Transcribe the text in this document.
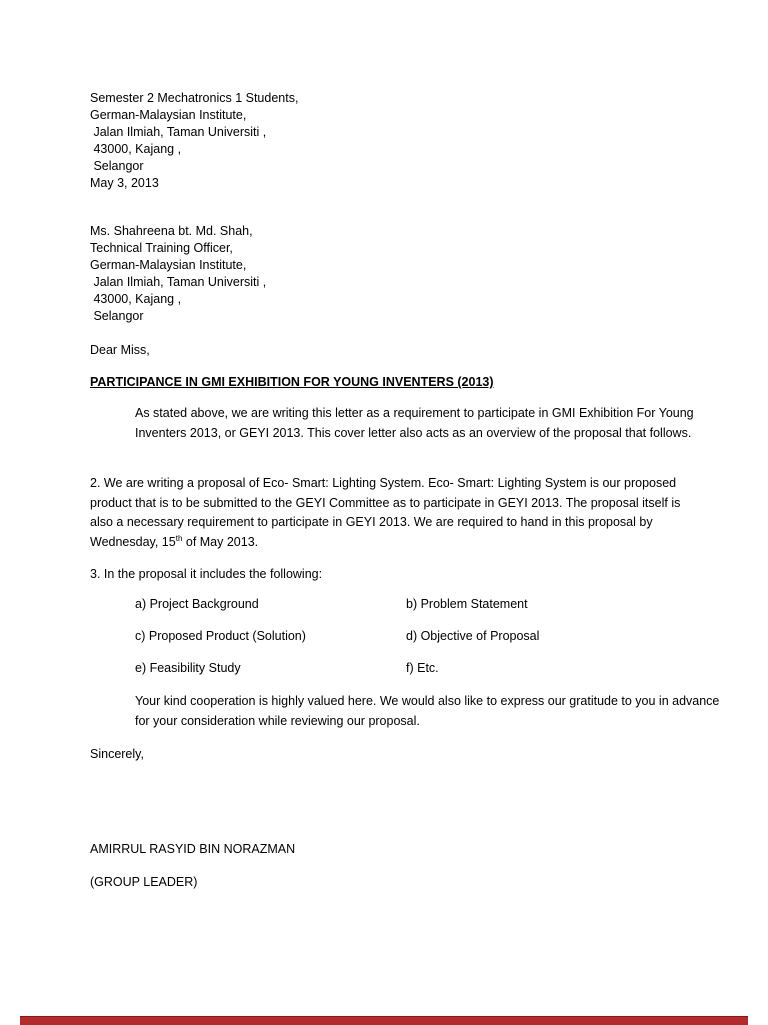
Semester 2 Mechatronics 1 Students,
German-Malaysian Institute,
Jalan Ilmiah, Taman Universiti ,
43000, Kajang ,
Selangor
May 3, 2013
Ms. Shahreena bt. Md. Shah,
Technical Training Officer,
German-Malaysian Institute,
Jalan Ilmiah, Taman Universiti ,
43000, Kajang ,
Selangor
Dear Miss,
PARTICIPANCE IN GMI EXHIBITION FOR YOUNG INVENTERS (2013)
As stated above, we are writing this letter as a requirement to participate in GMI Exhibition For Young Inventers 2013, or GEYI 2013. This cover letter also acts as an overview of the proposal that follows.
2. We are writing a proposal of Eco- Smart: Lighting System. Eco- Smart: Lighting System is our proposed product that is to be submitted to the GEYI Committee as to participate in GEYI 2013. The proposal itself is also a necessary requirement to participate in GEYI 2013. We are required to hand in this proposal by Wednesday, 15th of May 2013.
3. In the proposal it includes the following:
a) Project Background	b) Problem Statement
c) Proposed Product (Solution)	d) Objective of Proposal
e) Feasibility Study	f) Etc.
Your kind cooperation is highly valued here. We would also like to express our gratitude to you in advance for your consideration while reviewing our proposal.
Sincerely,
AMIRRUL RASYID BIN NORAZMAN
(GROUP LEADER)
